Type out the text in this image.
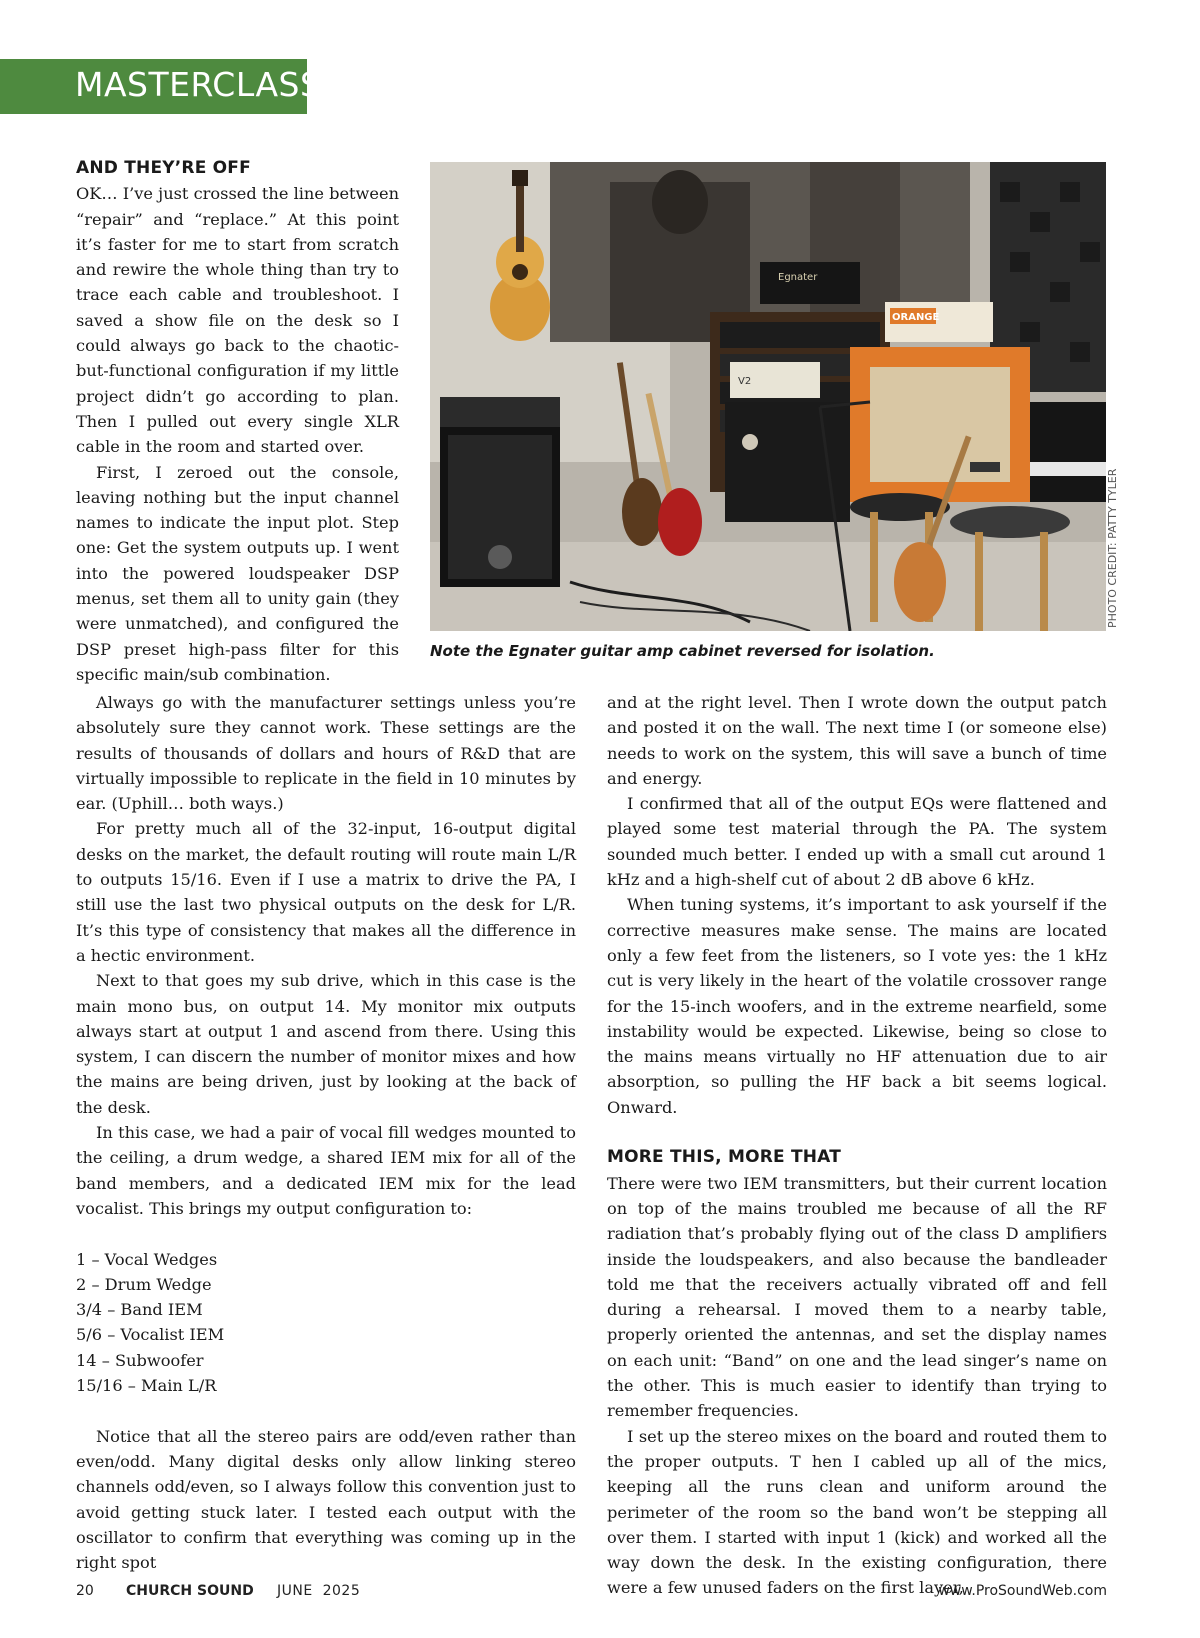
MASTERCLASS
AND THEY’RE OFF

OK… I’ve just crossed the line between “repair” and “replace.” At this point it’s faster for me to start from scratch and rewire the whole thing than try to trace each cable and troubleshoot. I saved a show file on the desk so I could always go back to the chaotic-but-functional configuration if my little project didn’t go according to plan. Then I pulled out every single XLR cable in the room and started over.

First, I zeroed out the console, leaving nothing but the input channel names to indicate the input plot. Step one: Get the system outputs up. I went into the powered loudspeaker DSP menus, set them all to unity gain (they were unmatched), and configured the DSP preset high-pass filter for this specific main/sub combination.

Egnater
V2
ORANGE
PHOTO CREDIT: PATTY TYLER
Note the Egnater guitar amp cabinet reversed for isolation.

Always go with the manufacturer settings unless you’re absolutely sure they cannot work. These settings are the results of thousands of dollars and hours of R&D that are virtually impossible to replicate in the field in 10 minutes by ear. (Uphill… both ways.)

For pretty much all of the 32-input, 16-output digital desks on the market, the default routing will route main L/R to outputs 15/16. Even if I use a matrix to drive the PA, I still use the last two physical outputs on the desk for L/R. It’s this type of consistency that makes all the difference in a hectic environment.

Next to that goes my sub drive, which in this case is the main mono bus, on output 14. My monitor mix outputs always start at output 1 and ascend from there. Using this system, I can discern the number of monitor mixes and how the mains are being driven, just by looking at the back of the desk.

In this case, we had a pair of vocal fill wedges mounted to the ceiling, a drum wedge, a shared IEM mix for all of the band members, and a dedicated IEM mix for the lead vocalist. This brings my output configuration to:

1 – Vocal Wedges
2 – Drum Wedge
3/4 – Band IEM
5/6 – Vocalist IEM
14 – Subwoofer
15/16 – Main L/R

Notice that all the stereo pairs are odd/even rather than even/odd. Many digital desks only allow linking stereo channels odd/even, so I always follow this convention just to avoid getting stuck later. I tested each output with the oscillator to confirm that everything was coming up in the right spot

and at the right level. Then I wrote down the output patch and posted it on the wall. The next time I (or someone else) needs to work on the system, this will save a bunch of time and energy.

I confirmed that all of the output EQs were flattened and played some test material through the PA. The system sounded much better. I ended up with a small cut around 1 kHz and a high-shelf cut of about 2 dB above 6 kHz.

When tuning systems, it’s important to ask yourself if the corrective measures make sense. The mains are located only a few feet from the listeners, so I vote yes: the 1 kHz cut is very likely in the heart of the volatile crossover range for the 15-inch woofers, and in the extreme nearfield, some instability would be expected. Likewise, being so close to the mains means virtually no HF attenuation due to air absorption, so pulling the HF back a bit seems logical. Onward.

MORE THIS, MORE THAT

There were two IEM transmitters, but their current location on top of the mains troubled me because of all the RF radiation that’s probably flying out of the class D amplifiers inside the loudspeakers, and also because the bandleader told me that the receivers actually vibrated off and fell during a rehearsal. I moved them to a nearby table, properly oriented the antennas, and set the display names on each unit: “Band” on one and the lead singer’s name on the other. This is much easier to identify than trying to remember frequencies.

I set up the stereo mixes on the board and routed them to the proper outputs. T hen I cabled up all of the mics, keeping all the runs clean and uniform around the perimeter of the room so the band won’t be stepping all over them. I started with input 1 (kick) and worked all the way down the desk. In the existing configuration, there were a few unused faders on the first layer,

20 CHURCH SOUND JUNE  2025	www.ProSoundWeb.com
